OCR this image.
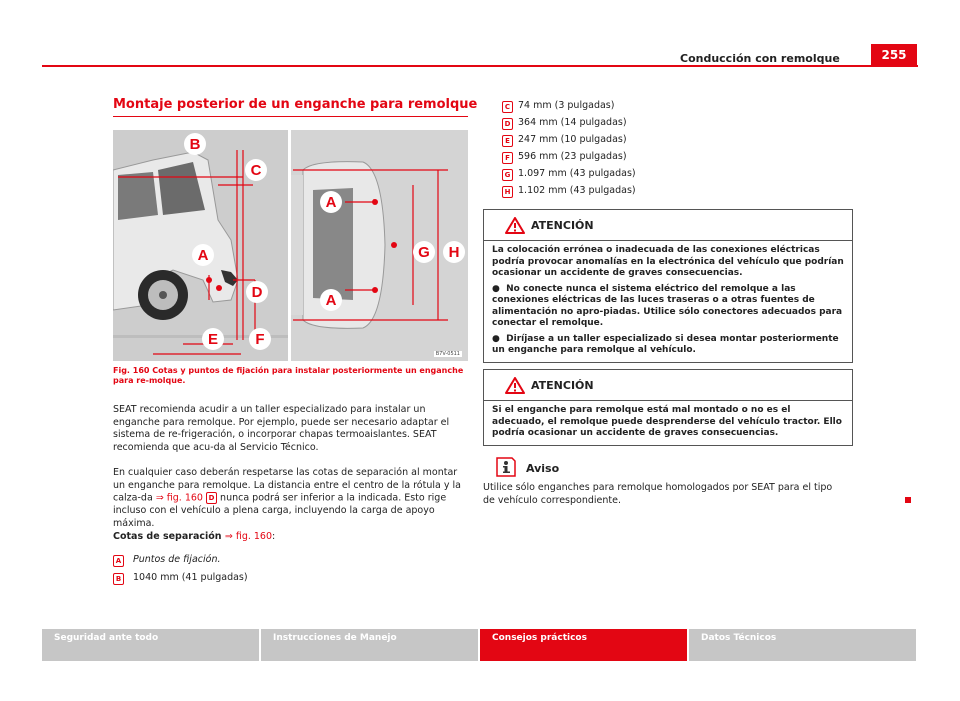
Conducción con remolque	255
Montaje posterior de un enganche para remolque
B
C
A
D
E F
A
A
G H
B7V-0511
Fig. 160 Cotas y puntos de fijación para instalar posteriormente un enganche para re-molque.
SEAT recomienda acudir a un taller especializado para instalar un enganche para remolque. Por ejemplo, puede ser necesario adaptar el sistema de re-frigeración, o incorporar chapas termoaislantes. SEAT recomienda que acu-da al Servicio Técnico.
En cualquier caso deberán respetarse las cotas de separación al montar un enganche para remolque. La distancia entre el centro de la rótula y la calza-da ⇒ fig. 160 D nunca podrá ser inferior a la indicada. Esto rige incluso con el vehículo a plena carga, incluyendo la carga de apoyo máxima.
Cotas de separación ⇒ fig. 160:
A Puntos de fijación.
B 1040 mm (41 pulgadas)
C 74 mm (3 pulgadas)
D 364 mm (14 pulgadas)
E 247 mm (10 pulgadas)
F 596 mm (23 pulgadas)
G 1.097 mm (43 pulgadas)
H 1.102 mm (43 pulgadas)
ATENCIÓN

La colocación errónea o inadecuada de las conexiones eléctricas podría provocar anomalías en la electrónica del vehículo que podrían ocasionar un accidente de graves consecuencias.

● No conecte nunca el sistema eléctrico del remolque a las conexiones eléctricas de las luces traseras o a otras fuentes de alimentación no apro-piadas. Utilice sólo conectores adecuados para conectar el remolque.

● Diríjase a un taller especializado si desea montar posteriormente un enganche para remolque al vehículo.

ATENCIÓN

Si el enganche para remolque está mal montado o no es el adecuado, el remolque puede desprenderse del vehículo tractor. Ello podría ocasionar un accidente de graves consecuencias.

Aviso
Utilice sólo enganches para remolque homologados por SEAT para el tipo de vehículo correspondiente.
Seguridad ante todo	Instrucciones de Manejo	Consejos prácticos	Datos Técnicos
